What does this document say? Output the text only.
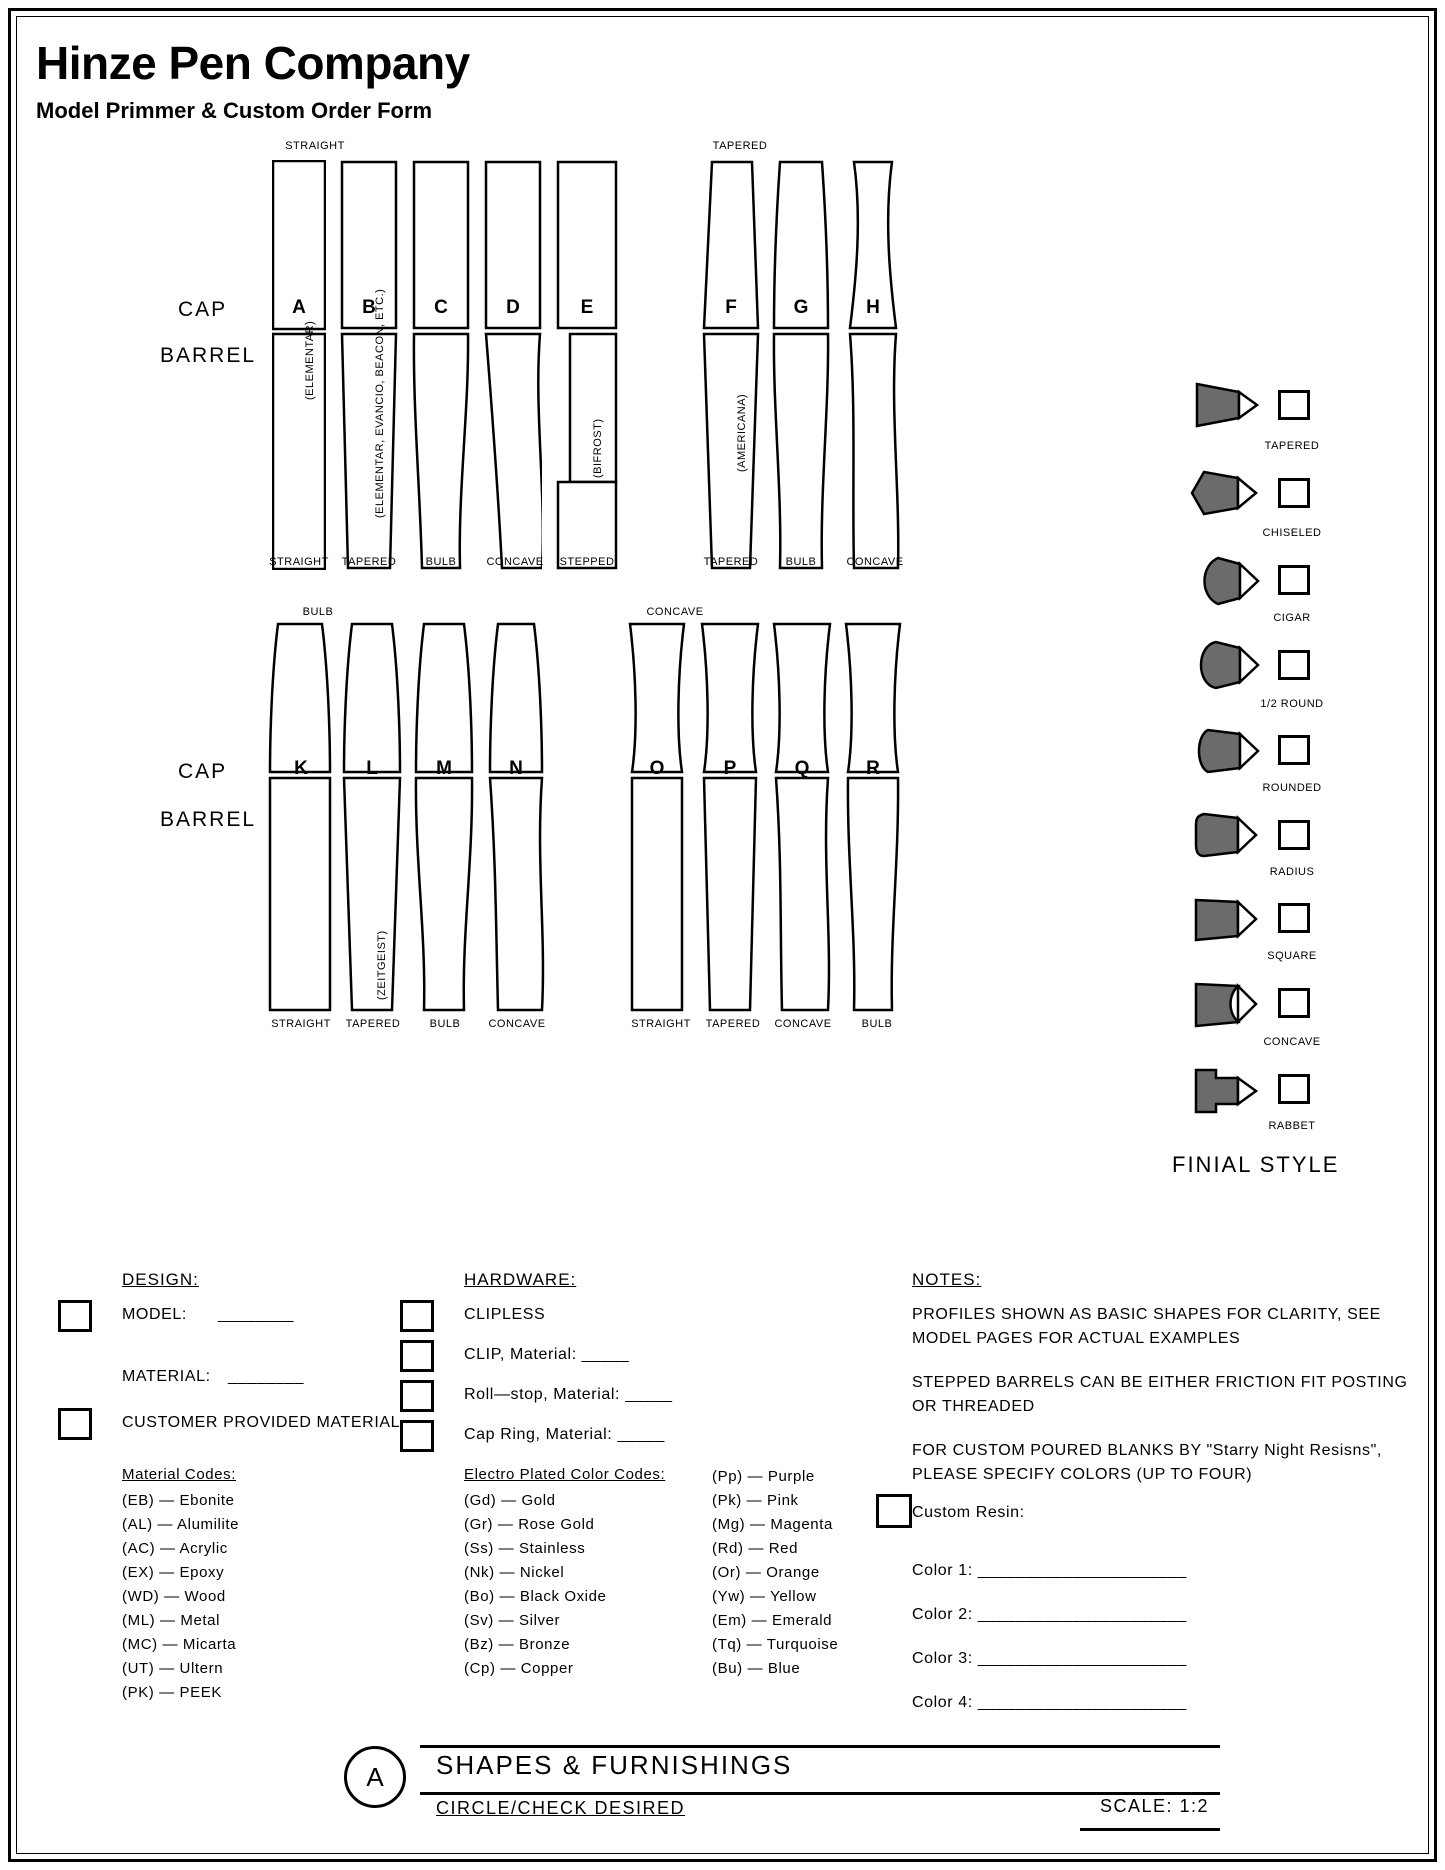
Hinze Pen Company
Model Primmer & Custom Order Form
STRAIGHT	TAPERED
CAP
BARREL
A
(ELEMENTAR)
STRAIGHT
B
(ELEMENTAR, EVANCIO, BEACON, ETC.)
TAPERED
C
BULB
D
CONCAVE
E
(BIFROST)
STEPPED
F
(AMERICANA)
TAPERED
G
BULB
H
CONCAVE
BULB	CONCAVE
CAP
BARREL
K
STRAIGHT
L
(ZEITGEIST)
TAPERED
M
BULB
N
CONCAVE
O
STRAIGHT
P
TAPERED
Q
CONCAVE
R
BULB
TAPERED
CHISELED
CIGAR
1/2 ROUND
ROUNDED
RADIUS
SQUARE
CONCAVE
RABBET
FINIAL STYLE
DESIGN:
MODEL: ________
MATERIAL: ________
CUSTOMER PROVIDED MATERIAL
Material Codes:
(EB) — Ebonite
(AL) — Alumilite
(AC) — Acrylic
(EX) — Epoxy
(WD) — Wood
(ML) — Metal
(MC) — Micarta
(UT) — Ultern
(PK) — PEEK
HARDWARE:
CLIPLESS
CLIP, Material: _____
Roll—stop, Material: _____
Cap Ring, Material: _____
Electro Plated Color Codes:
(Gd) — Gold
(Gr) — Rose Gold
(Ss) — Stainless
(Nk) — Nickel
(Bo) — Black Oxide
(Sv) — Silver
(Bz) — Bronze
(Cp) — Copper
(Pp) — Purple
(Pk) — Pink
(Mg) — Magenta
(Rd) — Red
(Or) — Orange
(Yw) — Yellow
(Em) — Emerald
(Tq) — Turquoise
(Bu) — Blue
NOTES:
PROFILES SHOWN AS BASIC SHAPES FOR CLARITY, SEE
MODEL PAGES FOR ACTUAL EXAMPLES
STEPPED BARRELS CAN BE EITHER FRICTION FIT POSTING
OR THREADED
FOR CUSTOM POURED BLANKS BY "Starry Night Resisns",
PLEASE SPECIFY COLORS (UP TO FOUR)
Custom Resin:
Color 1: ______________________
Color 2: ______________________
Color 3: ______________________
Color 4: ______________________
A	SHAPES & FURNISHINGS
CIRCLE/CHECK DESIRED	SCALE: 1:2
